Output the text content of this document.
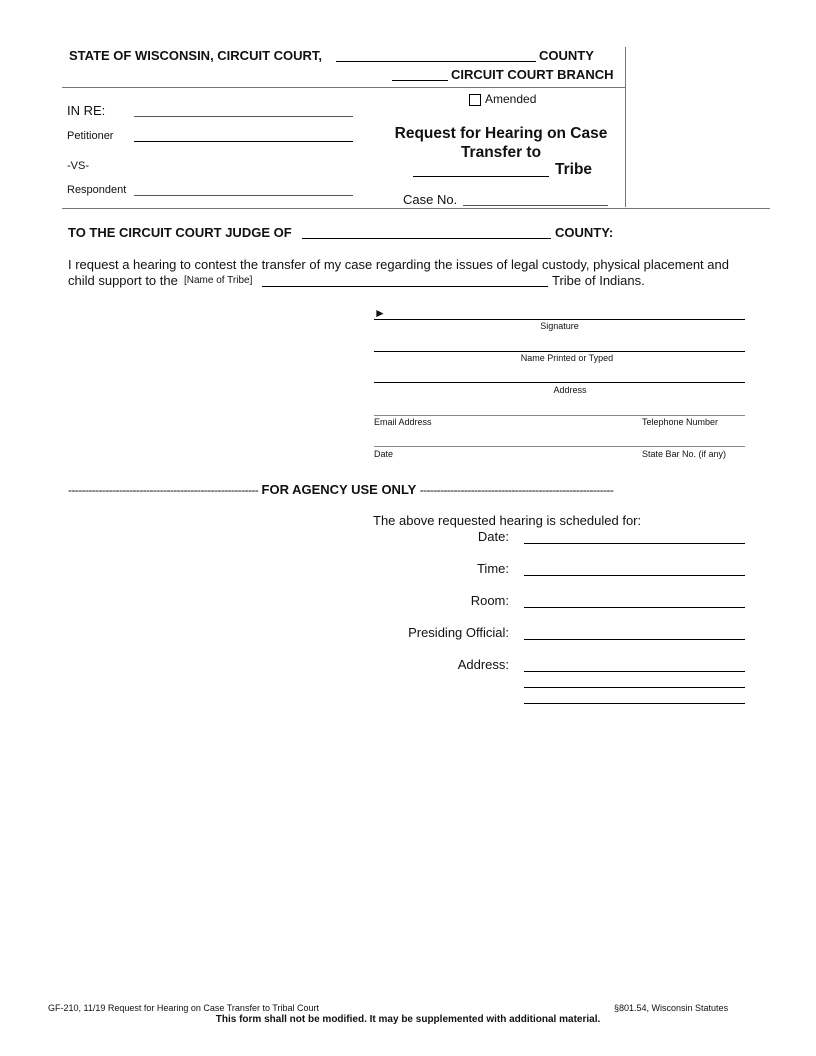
STATE OF WISCONSIN, CIRCUIT COURT,	COUNTY
CIRCUIT COURT BRANCH
Amended
IN RE:
Petitioner
-VS-
Respondent
Request for Hearing on Case
Transfer to
Tribe
Case No.
TO THE CIRCUIT COURT JUDGE OF	COUNTY:
I request a hearing to contest the transfer of my case regarding the issues of legal custody, physical placement and
child support to the [Name of Tribe]	Tribe of Indians.
►
Signature
Name Printed or Typed
Address
Email Address	Telephone Number
Date	State Bar No. (if any)
-------------------------------------------------------- FOR AGENCY USE ONLY ---------------------------------------------------------
The above requested hearing is scheduled for:
Date:
Time:
Room:
Presiding Official:
Address:
GF-210, 11/19 Request for Hearing on Case Transfer to Tribal Court	§801.54, Wisconsin Statutes
This form shall not be modified. It may be supplemented with additional material.
